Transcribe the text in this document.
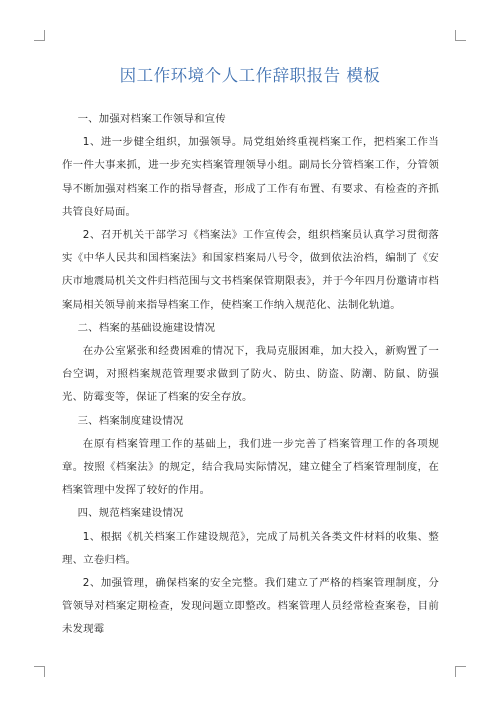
因工作环境个人工作辞职报告 模板

一、加强对档案工作领导和宣传

1、进一步健全组织，加强领导。局党组始终重视档案工作，把档案工作当作一件大事来抓，进一步充实档案管理领导小组。副局长分管档案工作，分管领导不断加强对档案工作的指导督查，形成了工作有布置、有要求、有检查的齐抓共管良好局面。

2、召开机关干部学习《档案法》工作宣传会，组织档案员认真学习贯彻落实《中华人民共和国档案法》和国家档案局八号令，做到依法治档，编制了《安庆市地震局机关文件归档范围与文书档案保管期限表》，并于今年四月份邀请市档案局相关领导前来指导档案工作，使档案工作纳入规范化、法制化轨道。

二、档案的基础设施建设情况

在办公室紧张和经费困难的情况下，我局克服困难，加大投入，新购置了一台空调，对照档案规范管理要求做到了防火、防虫、防盗、防潮、防鼠、防强光、防霉变等，保证了档案的安全存放。

三、档案制度建设情况

在原有档案管理工作的基础上，我们进一步完善了档案管理工作的各项规章。按照《档案法》的规定，结合我局实际情况，建立健全了档案管理制度，在档案管理中发挥了较好的作用。

四、规范档案建设情况

1、根据《机关档案工作建设规范》，完成了局机关各类文件材料的收集、整理、立卷归档。

2、加强管理，确保档案的安全完整。我们建立了严格的档案管理制度，分管领导对档案定期检查，发现问题立即整改。档案管理人员经常检查案卷，目前未发现霉
